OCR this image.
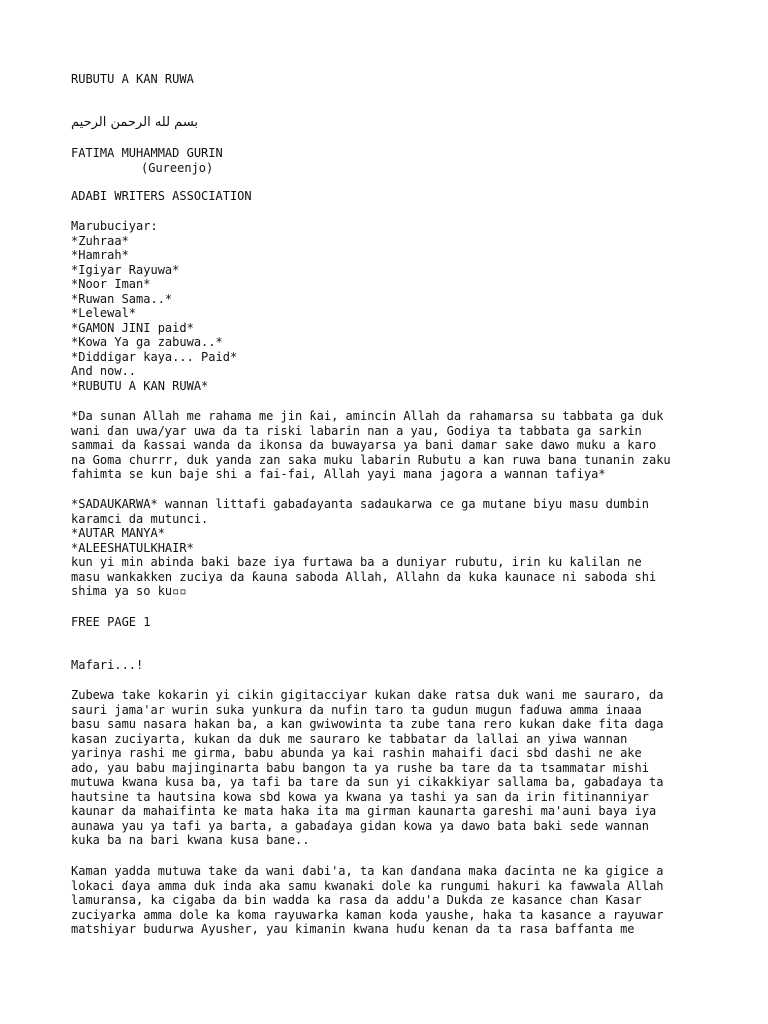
RUBUTU A KAN RUWA
بسم لله الرحمن الرحيم
FATIMA MUHAMMAD GURIN
(Gureenjo)
ADABI WRITERS ASSOCIATION
Marubuciyar:
*Zuhraa*
*Hamrah*
*Igiyar Rayuwa*
*Noor Iman*
*Ruwan Sama..*
*Lelewal*
*GAMON JINI paid*
*Kowa Ya ga zabuwa..*
*Diddigar kaya... Paid*
And now..
*RUBUTU A KAN RUWA*
*Da sunan Allah me rahama me jin ƙai, amincin Allah da rahamarsa su tabbata ga duk
wani ɗan uwa/ƴar uwa da ta riski labarin nan a yau, Godiya ta tabbata ga sarkin
sammai da ƙassai wanda da ikonsa da buwayarsa ya bani damar sake dawo muku a karo
na Goma churrr, duk yanda zan saka muku labarin Rubutu a kan ruwa bana tunanin zaku
fahimta se kun baje shi a fai-fai, Allah yayi mana jagora a wannan tafiya*
*SADAUKARWA* wannan littafi gabaɗayanta sadaukarwa ce ga mutane biyu masu dumbin
karamci da mutunci.
*AUTAR MANYA*
*ALEESHATULKHAIR*
kun yi min abinda baki baze iya furtawa ba a duniyar rubutu, irin ku kalilan ne
masu wankakken zuciya da ƙauna saboda Allah, Allahn da kuka kaunace ni saboda shi
shima ya so ku▫▫
FREE PAGE 1
Mafari...!
Zubewa take kokarin yi cikin gigitacciyar kukan dake ratsa duk wani me sauraro, da
sauri jama'ar wurin suka yunkura da nufin taro ta gudun mugun faɗuwa amma inaaa
basu samu nasara hakan ba, a kan gwiwowinta ta zube tana rero kukan dake fita daga
kasan zuciyarta, kukan da duk me sauraro ke tabbatar da lallai an yiwa wannan
yarinya rashi me girma, babu abunda ya kai rashin mahaifi ɗaci sbd dashi ne ake
ado, yau babu majinginarta babu bangon ta ya rushe ba tare da ta tsammatar mishi
mutuwa kwana kusa ba, ya tafi ba tare da sun yi cikakkiyar sallama ba, gabaɗaya ta
hautsine ta hautsina kowa sbd kowa ya kwana ya tashi ya san da irin fitinanniyar
kaunar da mahaifinta ke mata haka ita ma girman kaunarta gareshi ma'auni baya iya
aunawa yau ya tafi ya barta, a gabaɗaya gidan kowa ya dawo bata baki sede wannan
kuka ba na bari kwana kusa bane..
Kaman yadda mutuwa take da wani ɗabi'a, ta kan ɗanɗana maka ɗacinta ne ka gigice a
lokaci ɗaya amma duk inda aka samu kwanaki dole ka rungumi hakuri ka fawwala Allah
lamuransa, ka cigaba da bin wadda ka rasa da addu'a Dukda ze kasance chan Kasar
zuciyarka amma dole ka koma rayuwarka kaman koda yaushe, haka ta kasance a rayuwar
matshiyar budurwa Ayusher, yau kimanin kwana huɗu kenan da ta rasa baffanta me
